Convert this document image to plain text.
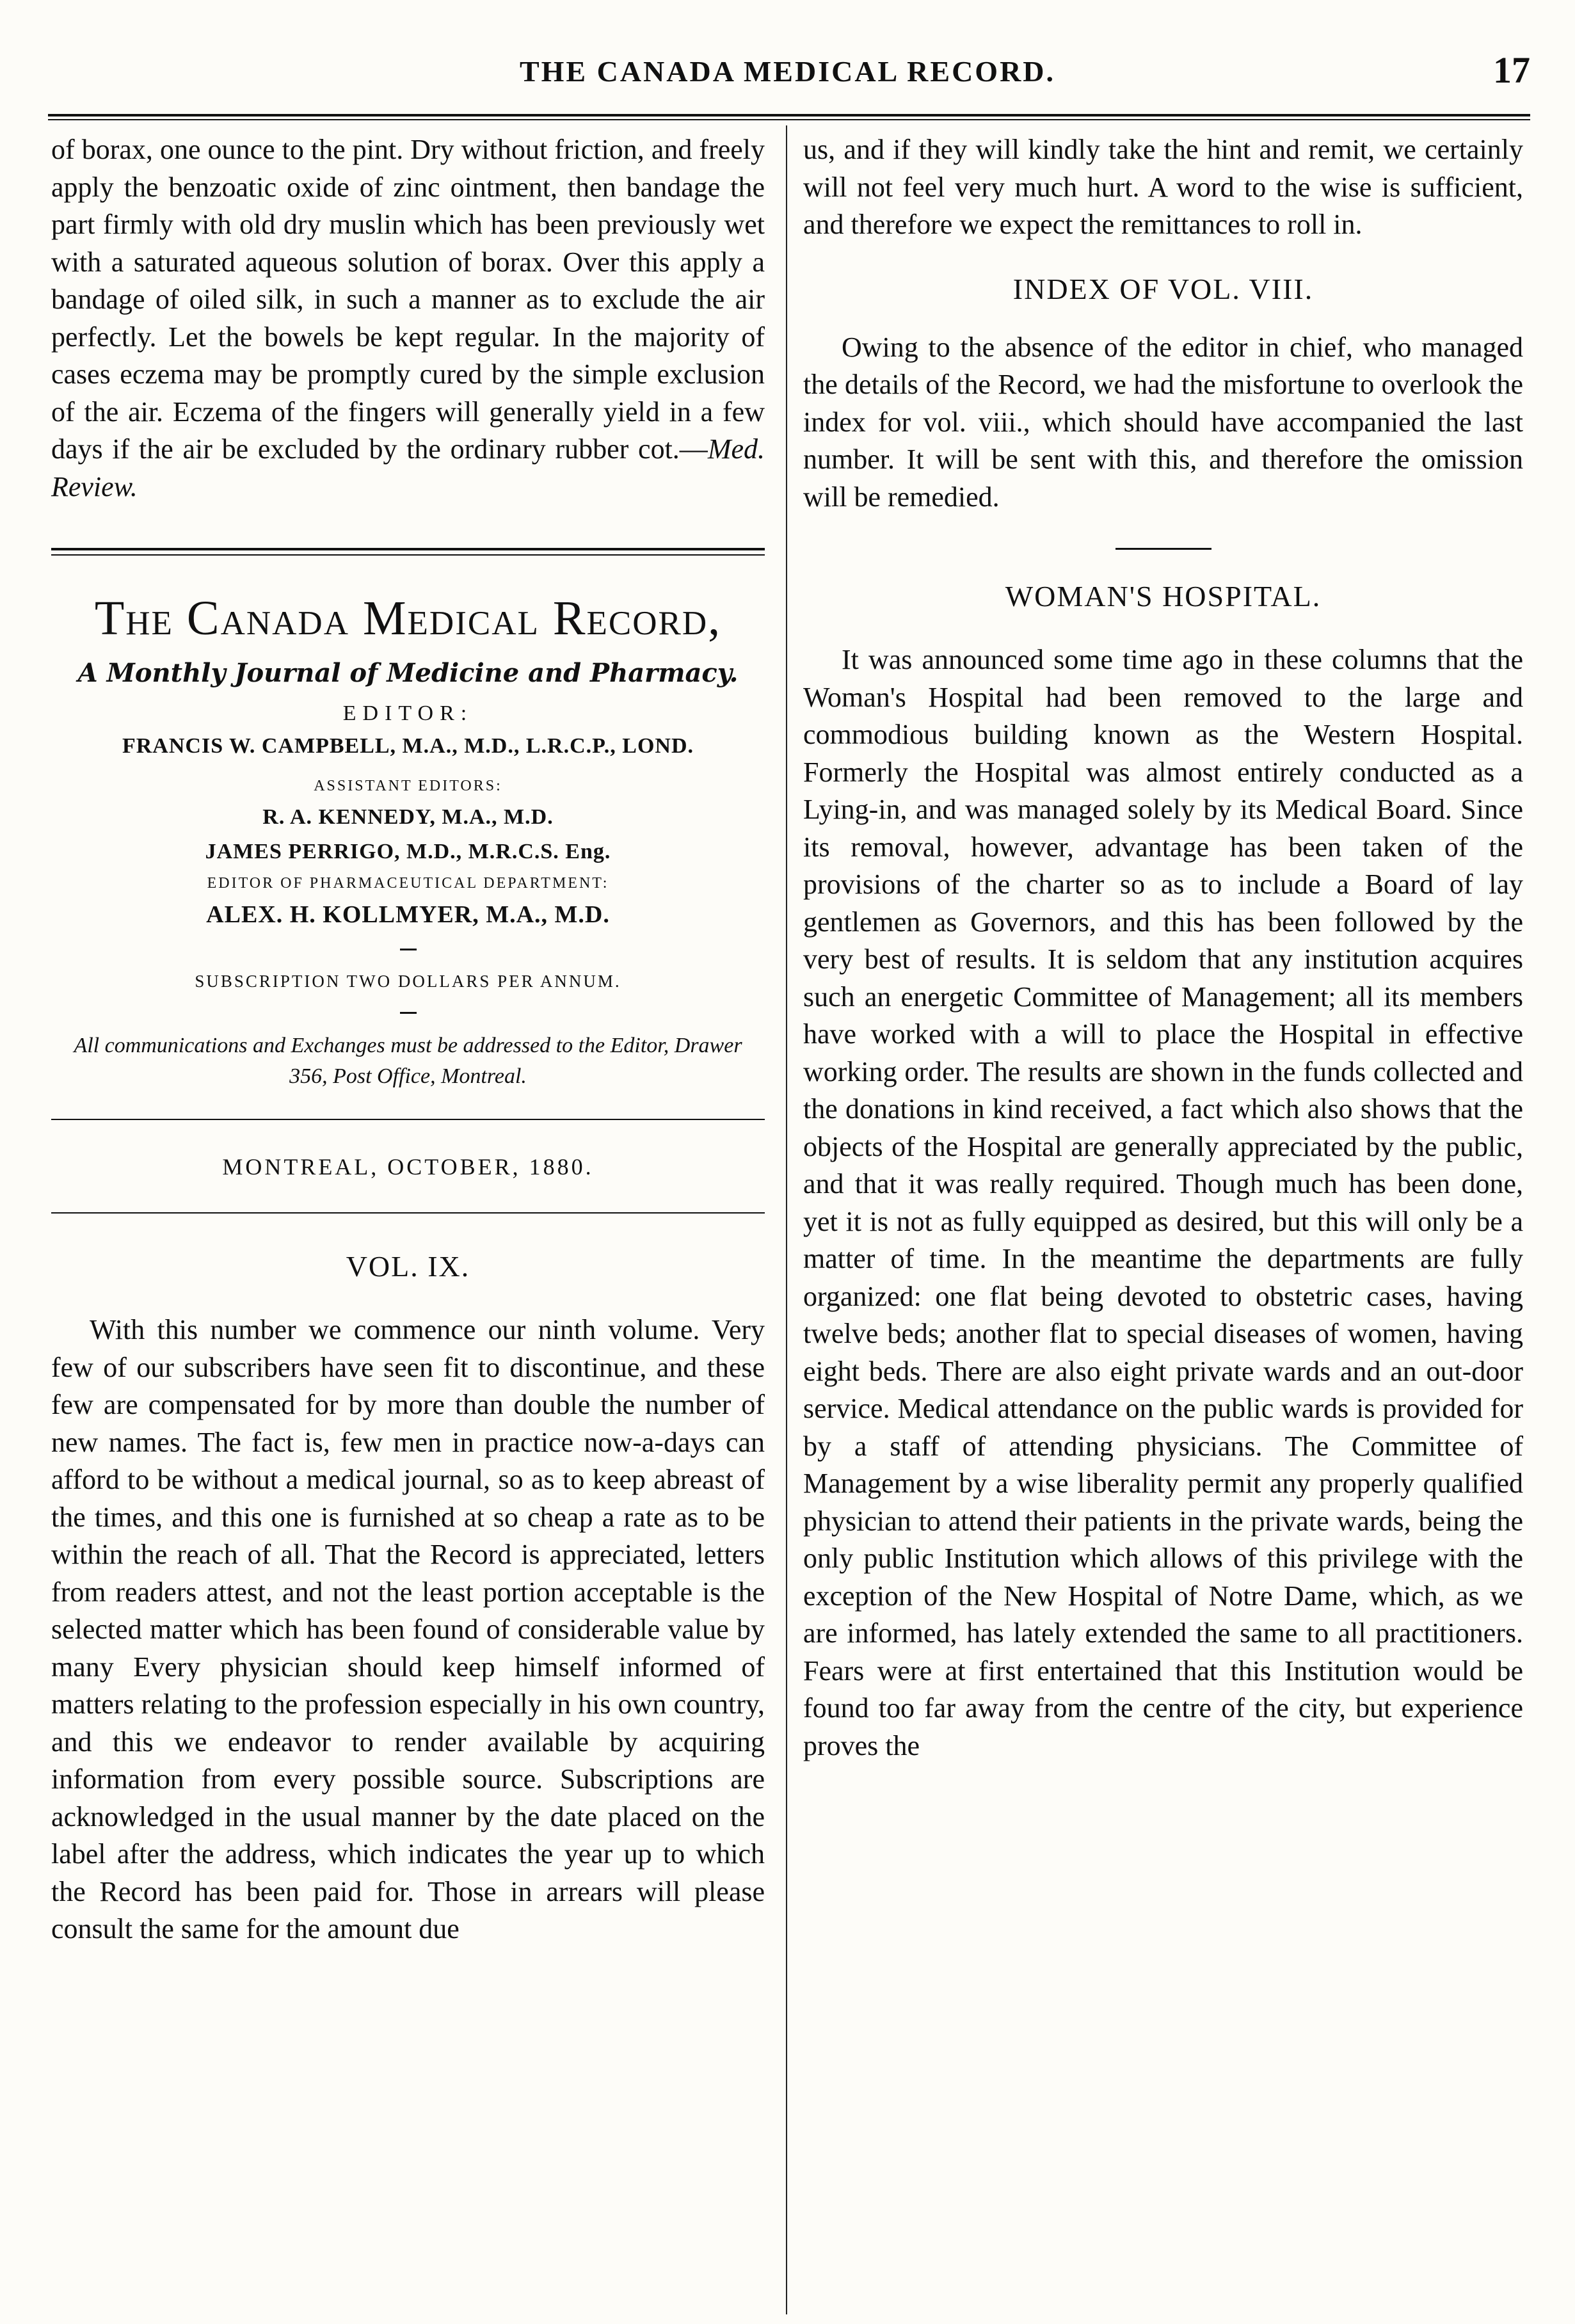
THE CANADA MEDICAL RECORD.	17

of borax, one ounce to the pint. Dry without friction, and freely apply the benzoatic oxide of zinc ointment, then bandage the part firmly with old dry muslin which has been previously wet with a saturated aqueous solution of borax. Over this apply a bandage of oiled silk, in such a manner as to exclude the air perfectly. Let the bowels be kept regular. In the majority of cases eczema may be promptly cured by the simple exclusion of the air. Eczema of the fingers will generally yield in a few days if the air be excluded by the ordinary rubber cot.—Med. Review.

The Canada Medical Record,
A Monthly Journal of Medicine and Pharmacy.
EDITOR:
FRANCIS W. CAMPBELL, M.A., M.D., L.R.C.P., LOND.
ASSISTANT EDITORS:
R. A. KENNEDY, M.A., M.D.
JAMES PERRIGO, M.D., M.R.C.S. Eng.
EDITOR OF PHARMACEUTICAL DEPARTMENT:
ALEX. H. KOLLMYER, M.A., M.D.
SUBSCRIPTION TWO DOLLARS PER ANNUM.
All communications and Exchanges must be addressed to the Editor, Drawer 356, Post Office, Montreal.
MONTREAL, OCTOBER, 1880.
VOL. IX.

With this number we commence our ninth volume. Very few of our subscribers have seen fit to discontinue, and these few are compensated for by more than double the number of new names. The fact is, few men in practice now-a-days can afford to be without a medical journal, so as to keep abreast of the times, and this one is furnished at so cheap a rate as to be within the reach of all. That the Record is appreciated, letters from readers attest, and not the least portion acceptable is the selected matter which has been found of considerable value by many Every physician should keep himself informed of matters relating to the profession especially in his own country, and this we endeavor to render available by acquiring information from every possible source. Subscriptions are acknowledged in the usual manner by the date placed on the label after the address, which indicates the year up to which the Record has been paid for. Those in arrears will please consult the same for the amount due

us, and if they will kindly take the hint and remit, we certainly will not feel very much hurt. A word to the wise is sufficient, and therefore we expect the remittances to roll in.

INDEX OF VOL. VIII.

Owing to the absence of the editor in chief, who managed the details of the Record, we had the misfortune to overlook the index for vol. viii., which should have accompanied the last number. It will be sent with this, and therefore the omission will be remedied.

WOMAN'S HOSPITAL.

It was announced some time ago in these columns that the Woman's Hospital had been removed to the large and commodious building known as the Western Hospital. Formerly the Hospital was almost entirely conducted as a Lying-in, and was managed solely by its Medical Board. Since its removal, however, advantage has been taken of the provisions of the charter so as to include a Board of lay gentlemen as Governors, and this has been followed by the very best of results. It is seldom that any institution acquires such an energetic Committee of Management; all its members have worked with a will to place the Hospital in effective working order. The results are shown in the funds collected and the donations in kind received, a fact which also shows that the objects of the Hospital are generally appreciated by the public, and that it was really required. Though much has been done, yet it is not as fully equipped as desired, but this will only be a matter of time. In the meantime the departments are fully organized: one flat being devoted to obstetric cases, having twelve beds; another flat to special diseases of women, having eight beds. There are also eight private wards and an out-door service. Medical attendance on the public wards is provided for by a staff of attending physicians. The Committee of Management by a wise liberality permit any properly qualified physician to attend their patients in the private wards, being the only public Institution which allows of this privilege with the exception of the New Hospital of Notre Dame, which, as we are informed, has lately extended the same to all practitioners. Fears were at first entertained that this Institution would be found too far away from the centre of the city, but experience proves the
